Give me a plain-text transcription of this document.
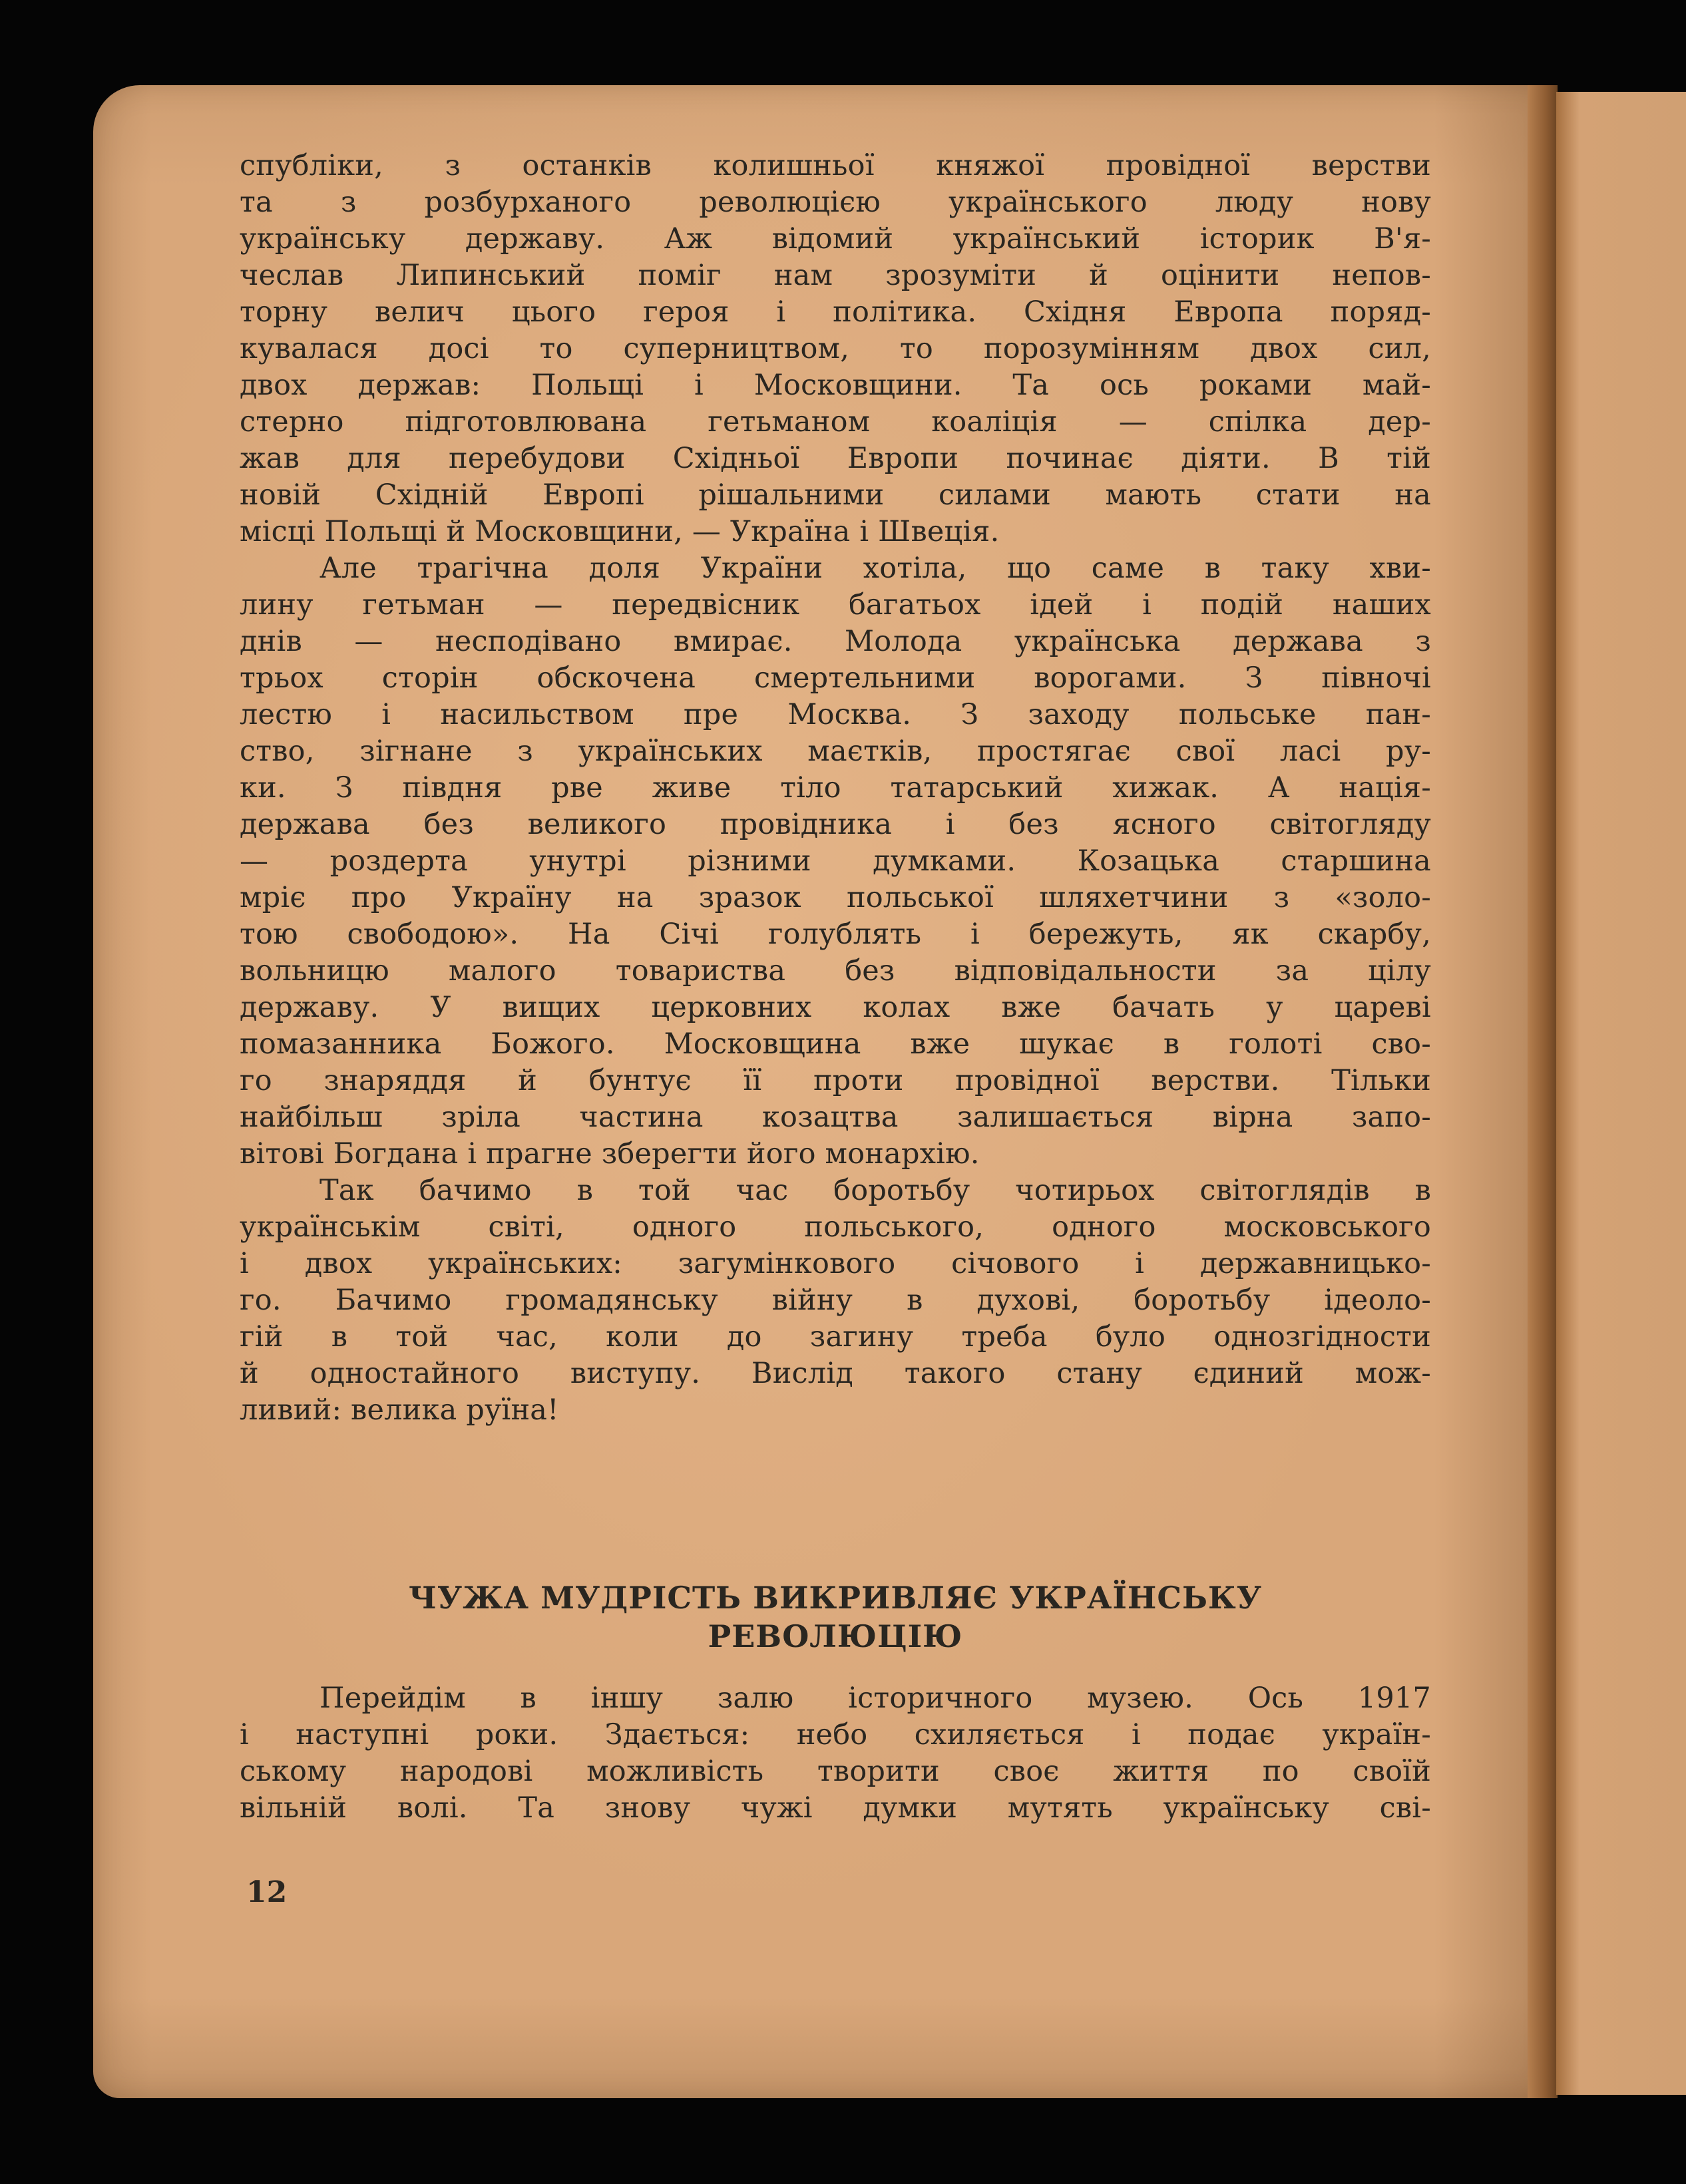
спубліки, з останків колишньої княжої провідної верстви
та з розбурханого революцією українського люду нову
українську державу. Аж відомий український історик В'я-
чеслав Липинський поміг нам зрозуміти й оцінити непов-
торну велич цього героя і політика. Східня Европа поряд-
кувалася досі то суперництвом, то порозумінням двох сил,
двох держав: Польщі і Московщини. Та ось роками май-
стерно підготовлювана гетьманом коаліція — спілка дер-
жав для перебудови Східньої Европи починає діяти. В тій
новій Східній Европі рішальними силами мають стати на
місці Польщі й Московщини, — Україна і Швеція.
Але трагічна доля України хотіла, що саме в таку хви-
лину гетьман — передвісник багатьох ідей і подій наших
днів — несподівано вмирає. Молода українська держава з
трьох сторін обскочена смертельними ворогами. З півночі
лестю і насильством пре Москва. З заходу польське пан-
ство, зігнане з українських маєтків, простягає свої ласі ру-
ки. З півдня рве живе тіло татарський хижак. А нація-
держава без великого провідника і без ясного світогляду
— роздерта унутрі різними думками. Козацька старшина
мріє про Україну на зразок польської шляхетчини з «золо-
тою свободою». На Січі голублять і бережуть, як скарбу,
вольницю малого товариства без відповідальности за цілу
державу. У вищих церковних колах вже бачать у цареві
помазанника Божого. Московщина вже шукає в голоті сво-
го знаряддя й бунтує її проти провідної верстви. Тільки
найбільш зріла частина козацтва залишається вірна запо-
вітові Богдана і прагне зберегти його монархію.
Так бачимо в той час боротьбу чотирьох світоглядів в
українськім світі, одного польського, одного московського
і двох українських: загумінкового січового і державницько-
го. Бачимо громадянську війну в духові, боротьбу ідеоло-
гій в той час, коли до загину треба було однозгідности
й одностайного виступу. Вислід такого стану єдиний мож-
ливий: велика руїна!
ЧУЖА МУДРІСТЬ ВИКРИВЛЯЄ УКРАЇНСЬКУ
РЕВОЛЮЦІЮ
Перейдім в іншу залю історичного музею. Ось 1917
і наступні роки. Здається: небо схиляється і подає україн-
ському народові можливість творити своє життя по своїй
вільній волі. Та знову чужі думки мутять українську сві-
12
